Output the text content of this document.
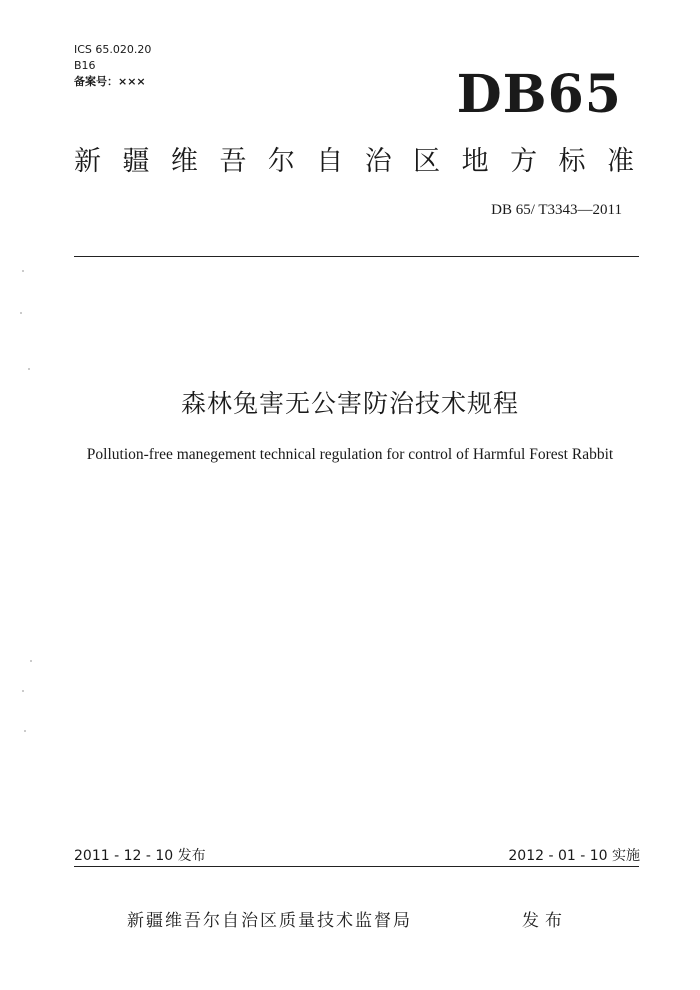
ICS 65.020.20
B16
备案号：×××	DB65
新 疆 维 吾 尔 自 治 区 地 方 标 准
DB 65/ T3343—2011
森林兔害无公害防治技术规程
Pollution-free manegement technical regulation for control of Harmful Forest Rabbit
2011 - 12 - 10 发布	2012 - 01 - 10 实施
新疆维吾尔自治区质量技术监督局	发布
